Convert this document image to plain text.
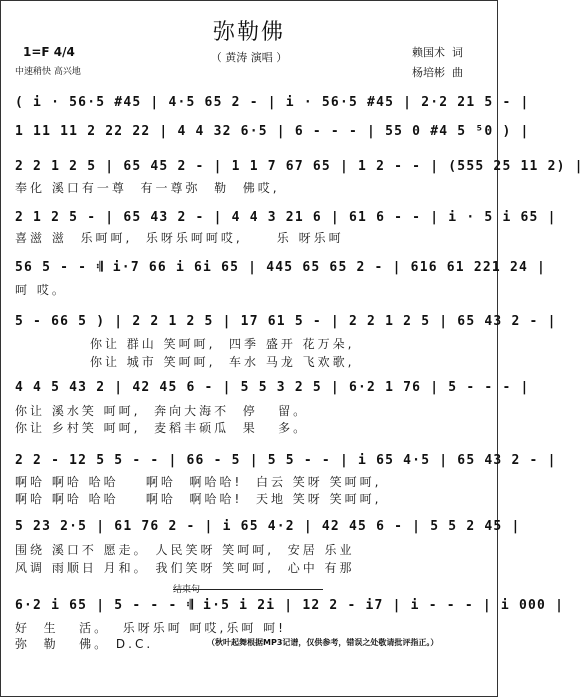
弥勒佛
（ 黄涛 演唱 ）
1=F 4/4
中速稍快 高兴地
赖国术  词
杨培彬  曲
( i · 56·5 #45 | 4·5 65 2 - | i · 56·5 #45 | 2·2 21 5 - |
1 11 11 2 22 22 | 4 4 32 6·5 | 6 - - - | 55 0 #4 5 ⁵0 ) |
2 2 1 2 5 | 65 45 2 - | 1 1 7 67 65 | 1 2 - - | (555 25 11 2) |
奉化 溪口有一尊  有一尊弥  勒  佛哎,
2 1 2 5 - | 65 43 2 - | 4 4 3 21 6 | 61 6 - - | i · 5 i 65 |
喜滋 滋  乐呵呵,  乐呀乐呵呵哎,     乐 呀乐呵
56 5 - - 𝄇 i·7 66 i 6i 65 | 445 65 65 2 - | 616 61 221 24 |
呵 哎。
5 - 66 5 ) | 2 2 1 2 5 | 17 61 5 - | 2 2 1 2 5 | 65 43 2 - |
你让 群山 笑呵呵,  四季 盛开 花万朵,
你让 城市 笑呵呵,  车水 马龙 飞欢歌,
4 4 5 43 2 | 42 45 6 - | 5 5 3 2 5 | 6·2 1 76 | 5 - - - |
你让 溪水笑 呵呵,  奔向大海不  停   留。
你让 乡村笑 呵呵,  麦稻丰硕瓜  果   多。
2 2 - 12 5 5 - - | 66 - 5 | 5 5 - - | i 65 4·5 | 65 43 2 - |
啊哈 啊哈 哈哈    啊哈  啊哈哈!  白云 笑呀 笑呵呵,
啊哈 啊哈 哈哈    啊哈  啊哈哈!  天地 笑呀 笑呵呵,
5 23 2·5 | 61 76 2 - | i 65 4·2 | 42 45 6 - | 5 5 2 45 |
围绕 溪口不 愿走。 人民笑呀 笑呵呵,  安居 乐业
风调 雨顺日 月和。 我们笑呀 笑呵呵,  心中 有那
结束句
6·2 i 65 | 5 - - - 𝄇 i·5 i 2i | 12 2 - i7 | i - - - | i 000 |
好  生   活。  乐呀乐呵 呵哎,乐呵 呵!
弥  勒   佛。 D.C.	（秋叶起舞根据MP3记谱，仅供参考，错误之处敬请批评指正。）
